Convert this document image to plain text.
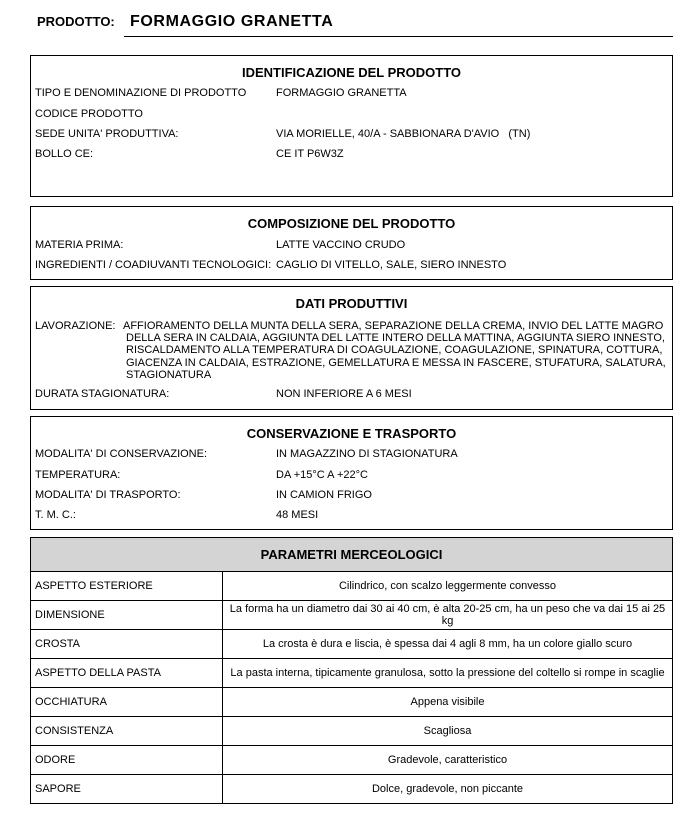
PRODOTTO: FORMAGGIO GRANETTA
IDENTIFICAZIONE DEL PRODOTTO
TIPO E DENOMINAZIONE DI PRODOTTO	FORMAGGIO GRANETTA
CODICE PRODOTTO
SEDE UNITA' PRODUTTIVA:	VIA MORIELLE, 40/A - SABBIONARA D'AVIO   (TN)
BOLLO CE:	CE IT P6W3Z
COMPOSIZIONE DEL PRODOTTO
MATERIA PRIMA:	LATTE VACCINO CRUDO
INGREDIENTI / COADIUVANTI TECNOLOGICI: CAGLIO DI VITELLO, SALE, SIERO INNESTO
DATI PRODUTTIVI
LAVORAZIONE: AFFIORAMENTO DELLA MUNTA DELLA SERA, SEPARAZIONE DELLA CREMA, INVIO DEL LATTE MAGRO
DELLA SERA IN CALDAIA, AGGIUNTA DEL LATTE INTERO DELLA MATTINA, AGGIUNTA SIERO INNESTO,
RISCALDAMENTO ALLA TEMPERATURA DI COAGULAZIONE, COAGULAZIONE, SPINATURA, COTTURA,
GIACENZA IN CALDAIA, ESTRAZIONE, GEMELLATURA E MESSA IN FASCERE, STUFATURA, SALATURA,
STAGIONATURA
DURATA STAGIONATURA:	NON INFERIORE A 6 MESI
CONSERVAZIONE E TRASPORTO
MODALITA' DI CONSERVAZIONE:	IN MAGAZZINO DI STAGIONATURA
TEMPERATURA:	DA +15°C A +22°C
MODALITA' DI TRASPORTO:	IN CAMION FRIGO
T. M. C.:	48 MESI
PARAMETRI MERCEOLOGICI	
ASPETTO ESTERIORE	Cilindrico, con scalzo leggermente convesso
DIMENSIONE	La forma ha un diametro dai 30 ai 40 cm, è alta 20-25 cm, ha un peso che va dai 15 ai 25 kg
CROSTA	La crosta è dura e liscia, è spessa dai 4 agli 8 mm, ha un colore giallo scuro
ASPETTO DELLA PASTA	La pasta interna, tipicamente granulosa, sotto la pressione del coltello si rompe in scaglie
OCCHIATURA	Appena visibile
CONSISTENZA	Scagliosa
ODORE	Gradevole, caratteristico
SAPORE	Dolce, gradevole, non piccante
